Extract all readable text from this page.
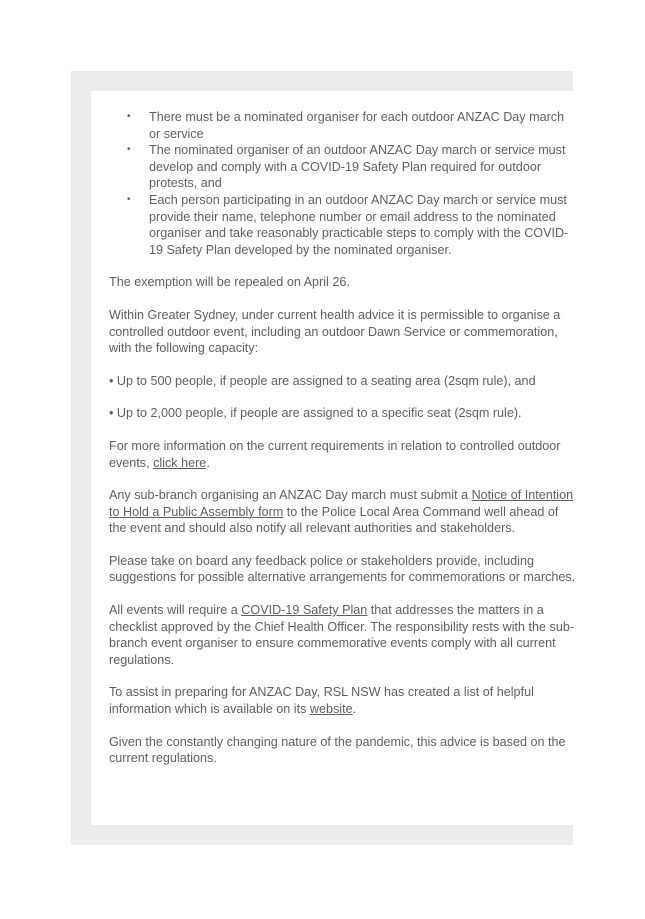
• There must be a nominated organiser for each outdoor ANZAC Day march or service
• The nominated organiser of an outdoor ANZAC Day march or service must develop and comply with a COVID-19 Safety Plan required for outdoor protests, and
• Each person participating in an outdoor ANZAC Day march or service must provide their name, telephone number or email address to the nominated organiser and take reasonably practicable steps to comply with the COVID-19 Safety Plan developed by the nominated organiser.

The exemption will be repealed on April 26.

Within Greater Sydney, under current health advice it is permissible to organise a controlled outdoor event, including an outdoor Dawn Service or commemoration, with the following capacity:

• Up to 500 people, if people are assigned to a seating area (2sqm rule), and

• Up to 2,000 people, if people are assigned to a specific seat (2sqm rule).

For more information on the current requirements in relation to controlled outdoor events, click here.

Any sub-branch organising an ANZAC Day march must submit a Notice of Intention to Hold a Public Assembly form to the Police Local Area Command well ahead of the event and should also notify all relevant authorities and stakeholders.

Please take on board any feedback police or stakeholders provide, including suggestions for possible alternative arrangements for commemorations or marches.

All events will require a COVID-19 Safety Plan that addresses the matters in a checklist approved by the Chief Health Officer. The responsibility rests with the sub-branch event organiser to ensure commemorative events comply with all current regulations.

To assist in preparing for ANZAC Day, RSL NSW has created a list of helpful information which is available on its website.

Given the constantly changing nature of the pandemic, this advice is based on the current regulations.
